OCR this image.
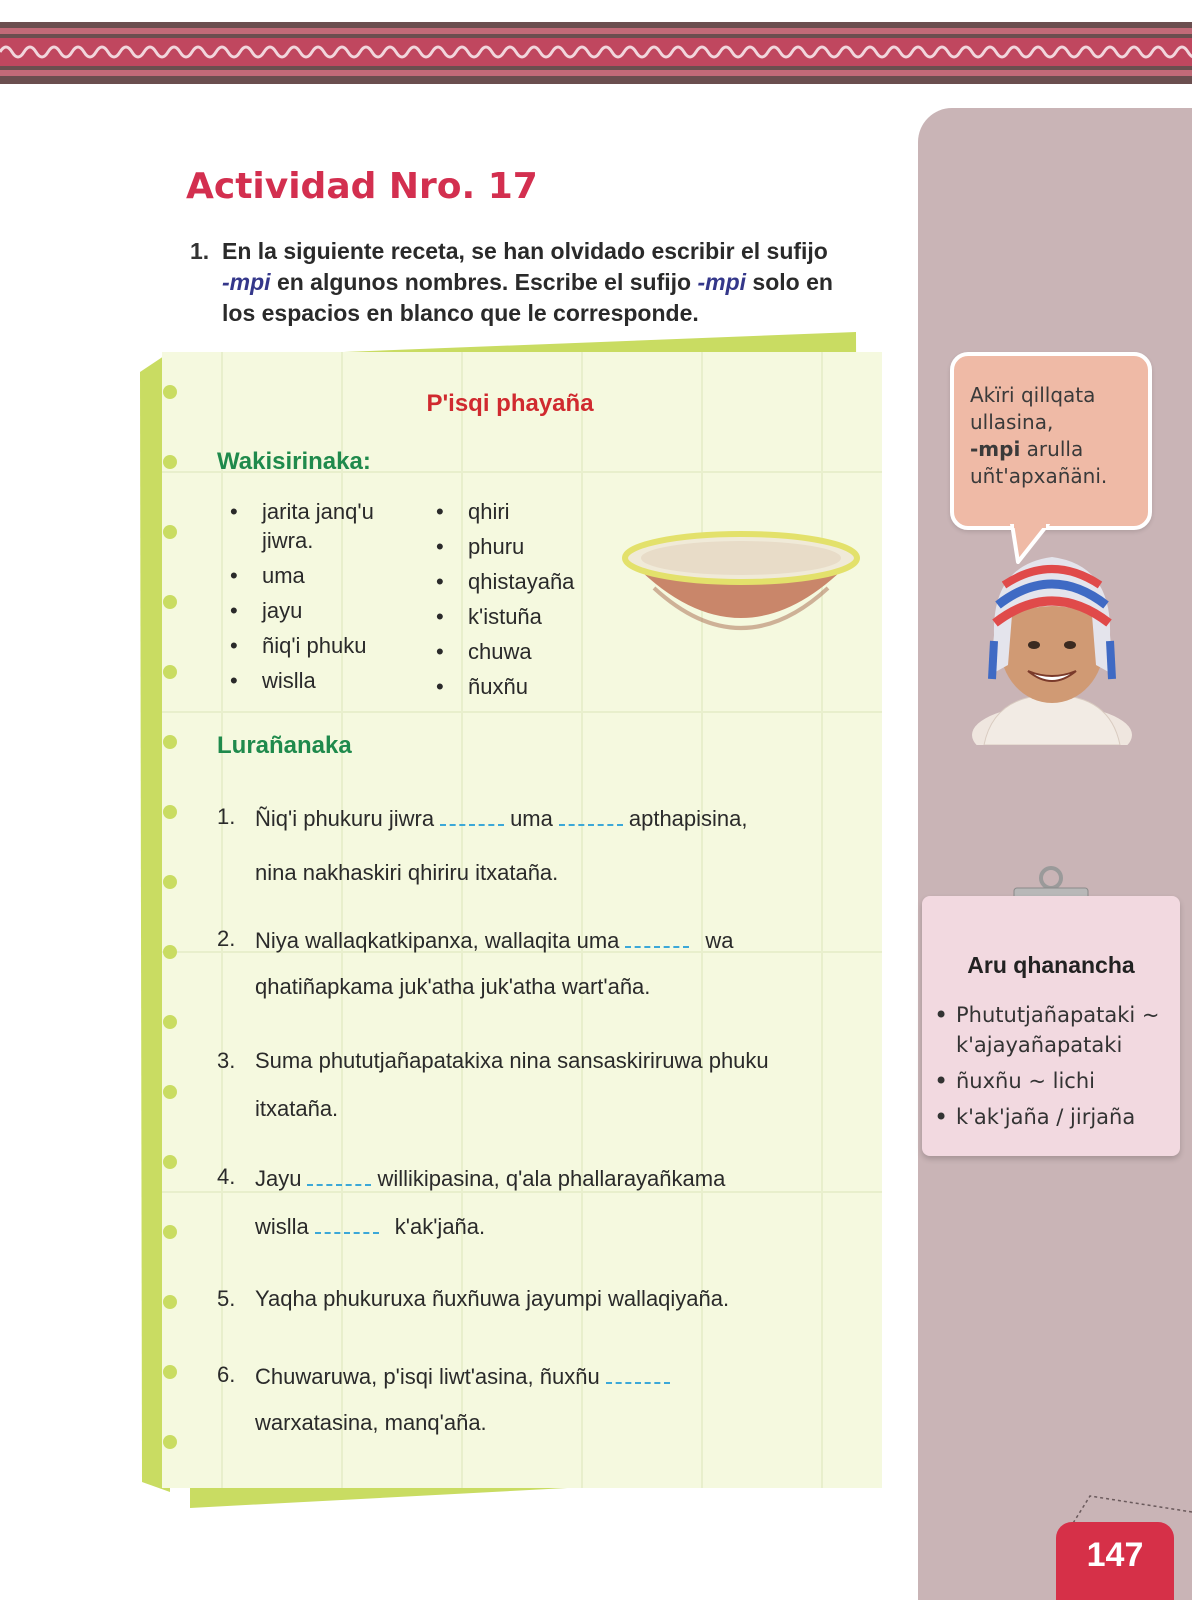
Akïri qillqata
ullasina,
-mpi arulla
uñt'apxañäni.
Aru qhanancha
• Phututjañapataki ~ k'ajayañapataki
• ñuxñu ~ lichi
• k'ak'jaña / jirjaña
147
Actividad Nro. 17
1. En la siguiente receta, se han olvidado escribir el sufijo
-mpi en algunos nombres. Escribe el sufijo -mpi solo en
los espacios en blanco que le corresponde.

P'isqi phayaña
Wakisirinaka:
• jarita janq'u jiwra.
• uma
• jayu
• ñiq'i phuku
• wislla
• qhiri
• phuru
• qhistayaña
• k'istuña
• chuwa
• ñuxñu
Lurañanaka
1. Ñiq'i phukuru jiwra	uma	apthapisina,
nina nakhaskiri qhiriru itxataña.
2. Niya wallaqkatkipanxa, wallaqita uma	wa
qhatiñapkama juk'atha juk'atha wart'aña.
3. Suma phututjañapatakixa nina sansaskiriruwa phuku
itxataña.
4. Jayu	willikipasina, q'ala phallarayañkama
wislla	k'ak'jaña.
5. Yaqha phukuruxa ñuxñuwa jayumpi wallaqiyaña.
6. Chuwaruwa, p'isqi liwt'asina, ñuxñu
warxatasina, manq'aña.
